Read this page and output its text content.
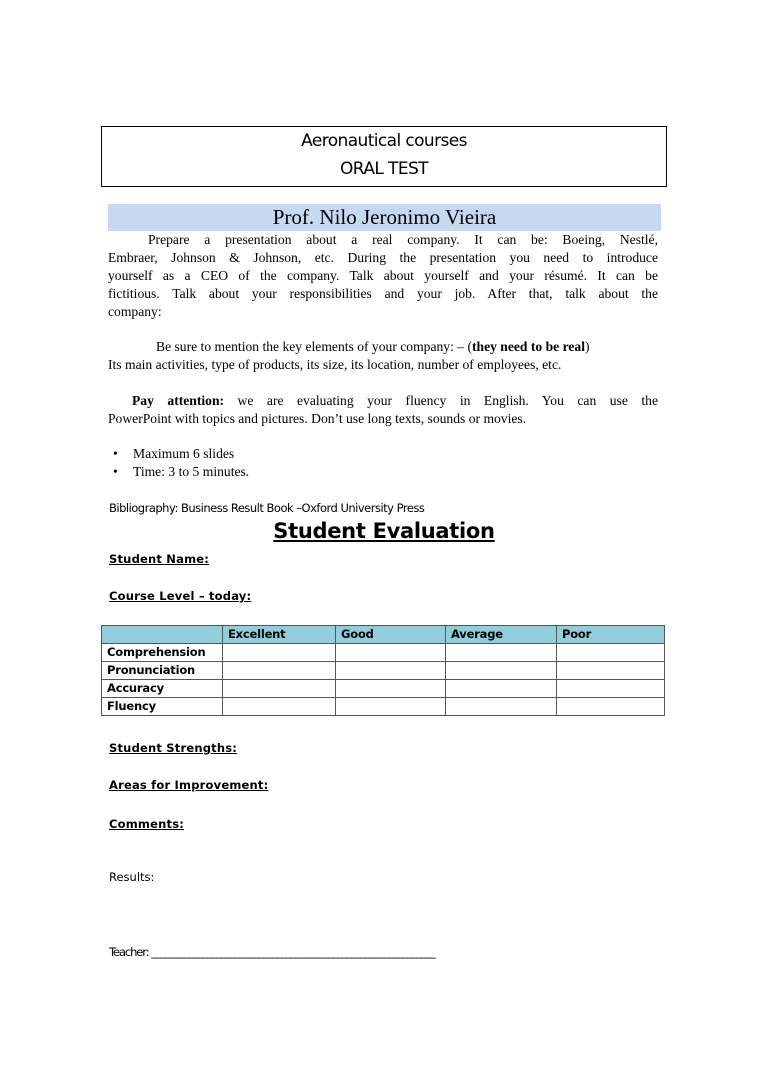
Aeronautical courses
ORAL TEST
Prof. Nilo Jeronimo Vieira
Prepare a presentation about a real company. It can be: Boeing, Nestlé,
Embraer, Johnson & Johnson, etc. During the presentation you need to introduce
yourself as a CEO of the company. Talk about yourself and your résumé. It can be
fictitious. Talk about your responsibilities and your job. After that, talk about the
company:
Be sure to mention the key elements of your company: – (they need to be real)
Its main activities, type of products, its size, its location, number of employees, etc.
Pay attention: we are evaluating your fluency in English. You can use the
PowerPoint with topics and pictures. Don’t use long texts, sounds or movies.
• Maximum 6 slides
• Time: 3 to 5 minutes.
Bibliography: Business Result Book –Oxford University Press
Student Evaluation
Student Name:
Course Level – today:
	Excellent	Good	Average	Poor
Comprehension				
Pronunciation				
Accuracy				
Fluency				
Student Strengths:
Areas for Improvement:
Comments:
Results:
Teacher: _____________________________________________________________
